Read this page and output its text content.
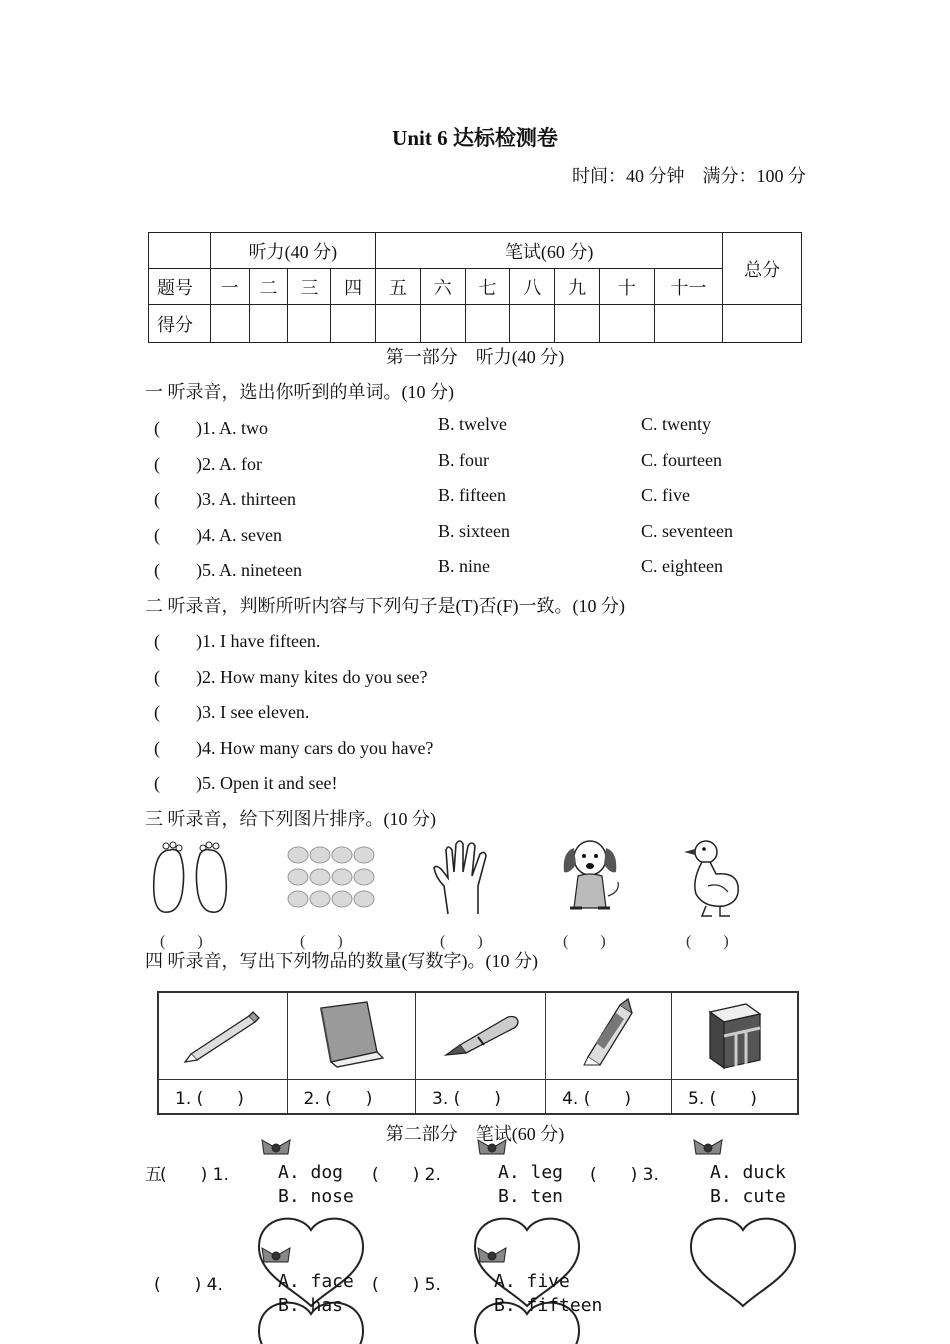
Unit 6 达标检测卷
时间：40 分钟　满分：100 分
	听力(40 分)				笔试(60 分)							总分
题号	一	二	三	四	五	六	七	八	九	十	十一	
得分												
第一部分　听力(40 分)
一 听录音，选出你听到的单词。(10 分)
(　　)1. A. two	B. twelve	C. twenty
(　　)2. A. for	B. four	C. fourteen
(　　)3. A. thirteen	B. fifteen	C. five
(　　)4. A. seven	B. sixteen	C. seventeen
(　　)5. A. nineteen	B. nine	C. eighteen
二 听录音，判断所听内容与下列句子是(T)否(F)一致。(10 分)
(　　)1. I have fifteen.
(　　)2. How many kites do you see?
(　　)3. I see eleven.
(　　)4. How many cars do you have?
(　　)5. Open it and see!
三 听录音，给下列图片排序。(10 分)
(　　)	(　　)	(　　)	(　　)	(　　)
四 听录音，写出下列物品的数量(写数字)。(10 分)

1. (　　)	2. (　　)	3. (　　)	4. (　　)	5. (　　)
第二部分　笔试(60 分)
五
(　　) 1.	A. dog
B. nose
(　　) 2.	A. leg
B. ten
(　　) 3.	A. duck
B. cute
(　　) 4.	A. face
B. has
(　　) 5.	A. five
B. fifteen
